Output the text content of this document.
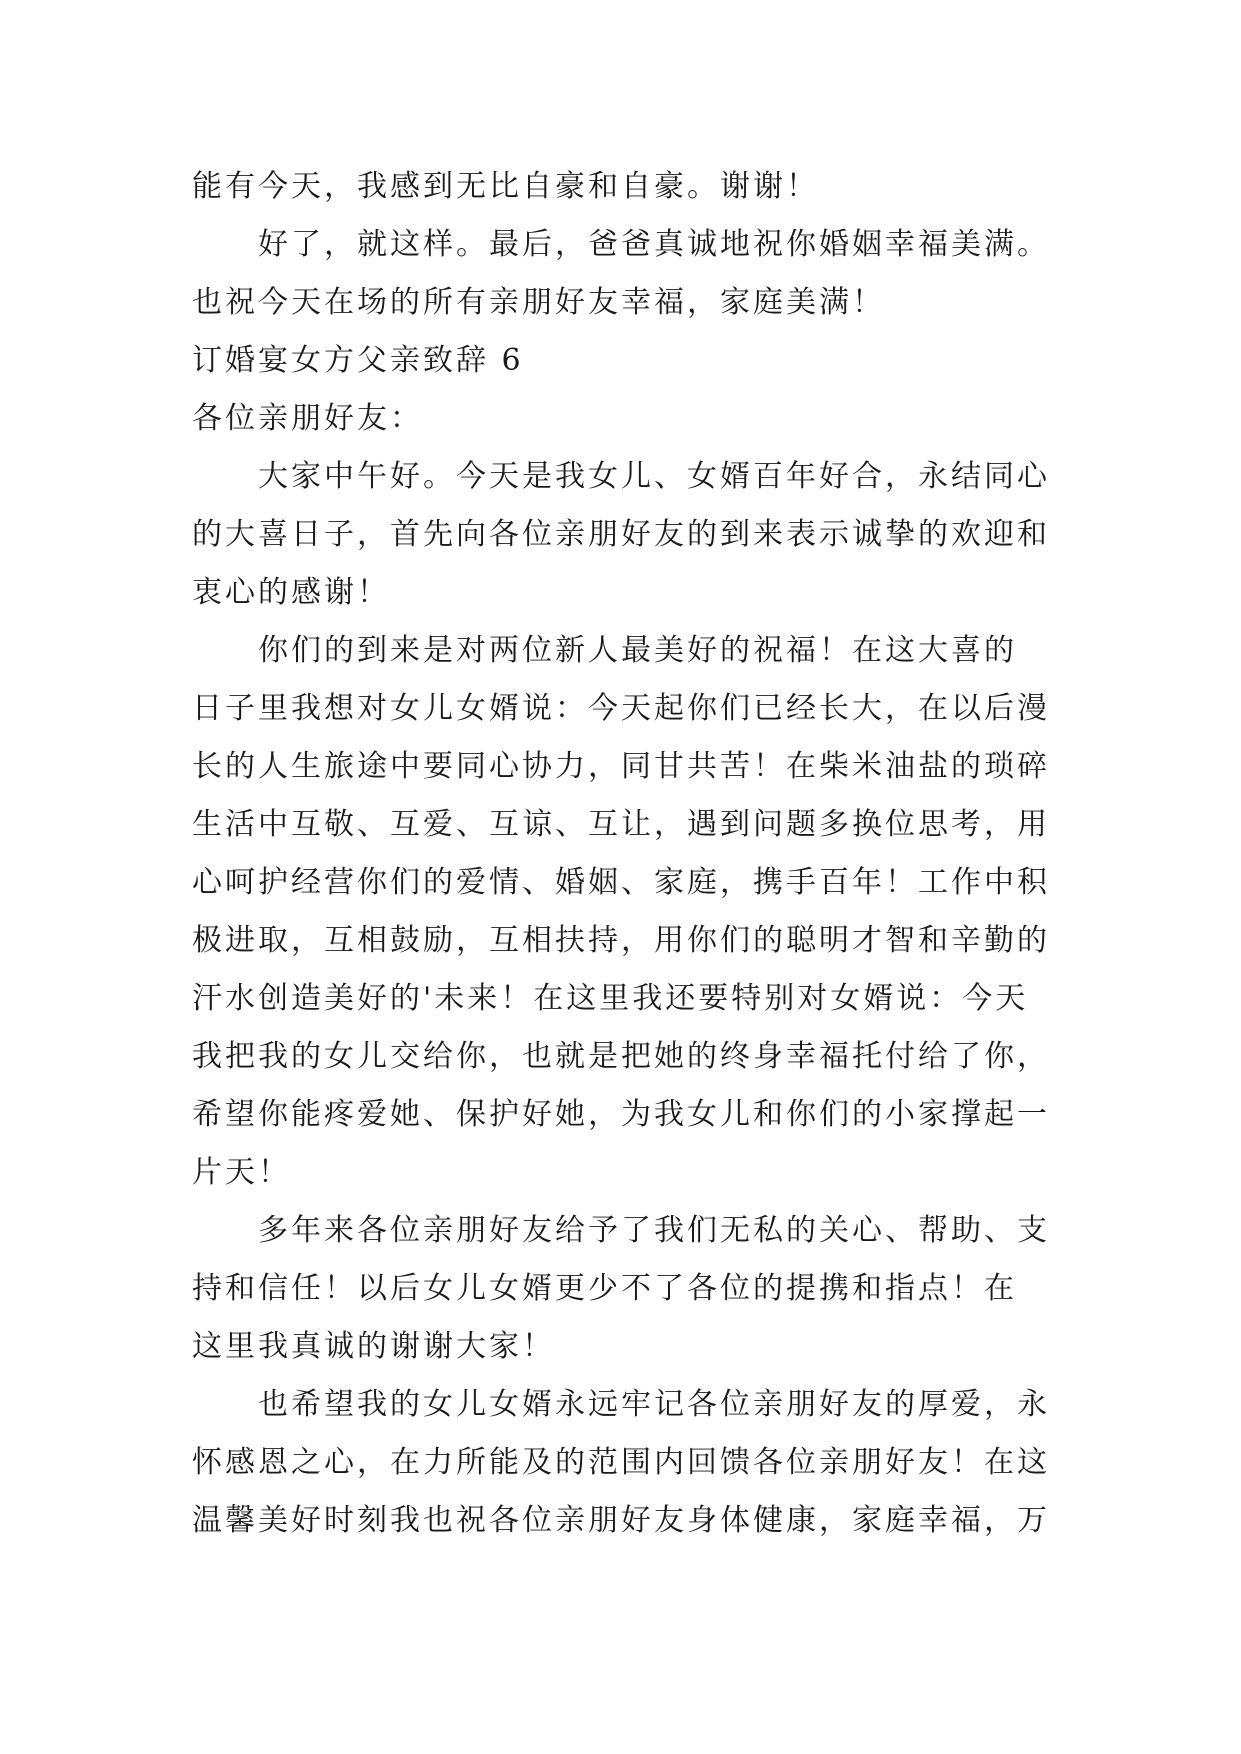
能有今天，我感到无比自豪和自豪。谢谢！
好了，就这样。最后，爸爸真诚地祝你婚姻幸福美满。
也祝今天在场的所有亲朋好友幸福，家庭美满！
订婚宴女方父亲致辞 6
各位亲朋好友：
大家中午好。今天是我女儿、女婿百年好合，永结同心
的大喜日子，首先向各位亲朋好友的到来表示诚挚的欢迎和
衷心的感谢！
你们的到来是对两位新人最美好的祝福！在这大喜的
日子里我想对女儿女婿说：今天起你们已经长大，在以后漫
长的人生旅途中要同心协力，同甘共苦！在柴米油盐的琐碎
生活中互敬、互爱、互谅、互让，遇到问题多换位思考，用
心呵护经营你们的爱情、婚姻、家庭，携手百年！工作中积
极进取，互相鼓励，互相扶持，用你们的聪明才智和辛勤的
汗水创造美好的'未来！在这里我还要特别对女婿说：今天
我把我的女儿交给你，也就是把她的终身幸福托付给了你，
希望你能疼爱她、保护好她，为我女儿和你们的小家撑起一
片天！
多年来各位亲朋好友给予了我们无私的关心、帮助、支
持和信任！以后女儿女婿更少不了各位的提携和指点！在
这里我真诚的谢谢大家！
也希望我的女儿女婿永远牢记各位亲朋好友的厚爱，永
怀感恩之心，在力所能及的范围内回馈各位亲朋好友！在这
温馨美好时刻我也祝各位亲朋好友身体健康，家庭幸福，万
